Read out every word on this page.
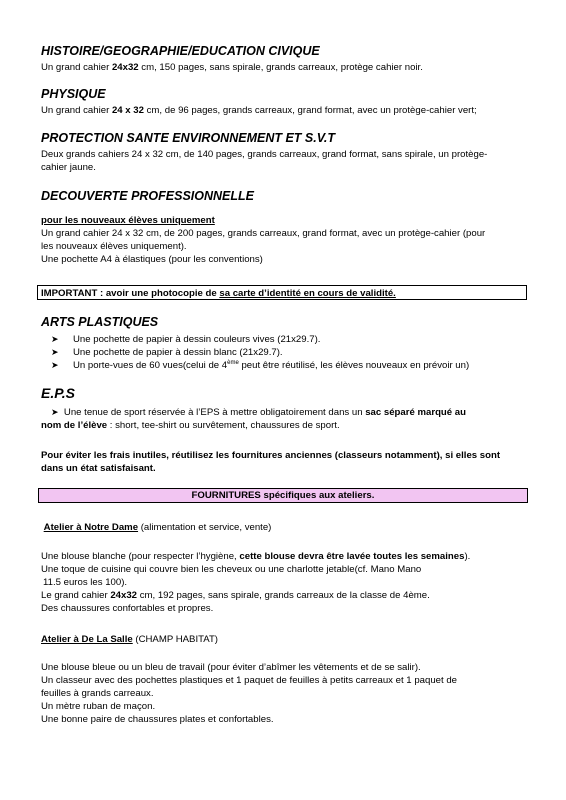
HISTOIRE/GEOGRAPHIE/EDUCATION CIVIQUE
Un grand cahier 24x32 cm, 150 pages, sans spirale, grands carreaux, protège cahier noir.
PHYSIQUE
Un grand cahier 24 x 32 cm, de 96 pages, grands carreaux, grand format, avec un protège-cahier vert;
PROTECTION SANTE ENVIRONNEMENT ET S.V.T
Deux grands cahiers 24 x 32 cm, de 140 pages, grands carreaux, grand format, sans spirale, un protège-
cahier jaune.
DECOUVERTE PROFESSIONNELLE
pour les nouveaux élèves uniquement
Un grand cahier 24 x 32 cm, de 200 pages, grands carreaux, grand format, avec un protège-cahier (pour
les nouveaux élèves uniquement).
Une pochette A4 à élastiques (pour les conventions)
IMPORTANT : avoir une photocopie de sa carte d’identité en cours de validité.
ARTS PLASTIQUES
➤ Une pochette de papier à dessin couleurs vives (21x29.7).
➤ Une pochette de papier à dessin blanc (21x29.7).
➤ Un porte-vues de 60 vues(celui de 4ème peut être réutilisé, les élèves nouveaux en prévoir un)
E.P.S
➤ Une tenue de sport réservée à l’EPS à mettre obligatoirement dans un sac séparé marqué au
nom de l’élève : short, tee-shirt ou survêtement, chaussures de sport.
Pour éviter les frais inutiles, réutilisez les fournitures anciennes (classeurs notamment), si elles sont
dans un état satisfaisant.
FOURNITURES spécifiques aux ateliers.
Atelier à Notre Dame (alimentation et service, vente)
Une blouse blanche (pour respecter l’hygiène, cette blouse devra être lavée toutes les semaines).
Une toque de cuisine qui couvre bien les cheveux ou une charlotte jetable(cf. Mano Mano
11.5 euros les 100).
Le grand cahier 24x32 cm, 192 pages, sans spirale, grands carreaux de la classe de 4ème.
Des chaussures confortables et propres.
Atelier à De La Salle (CHAMP HABITAT)
Une blouse bleue ou un bleu de travail (pour éviter d’abîmer les vêtements et de se salir).
Un classeur avec des pochettes plastiques et 1 paquet de feuilles à petits carreaux et 1 paquet de
feuilles à grands carreaux.
Un mètre ruban de maçon.
Une bonne paire de chaussures plates et confortables.
